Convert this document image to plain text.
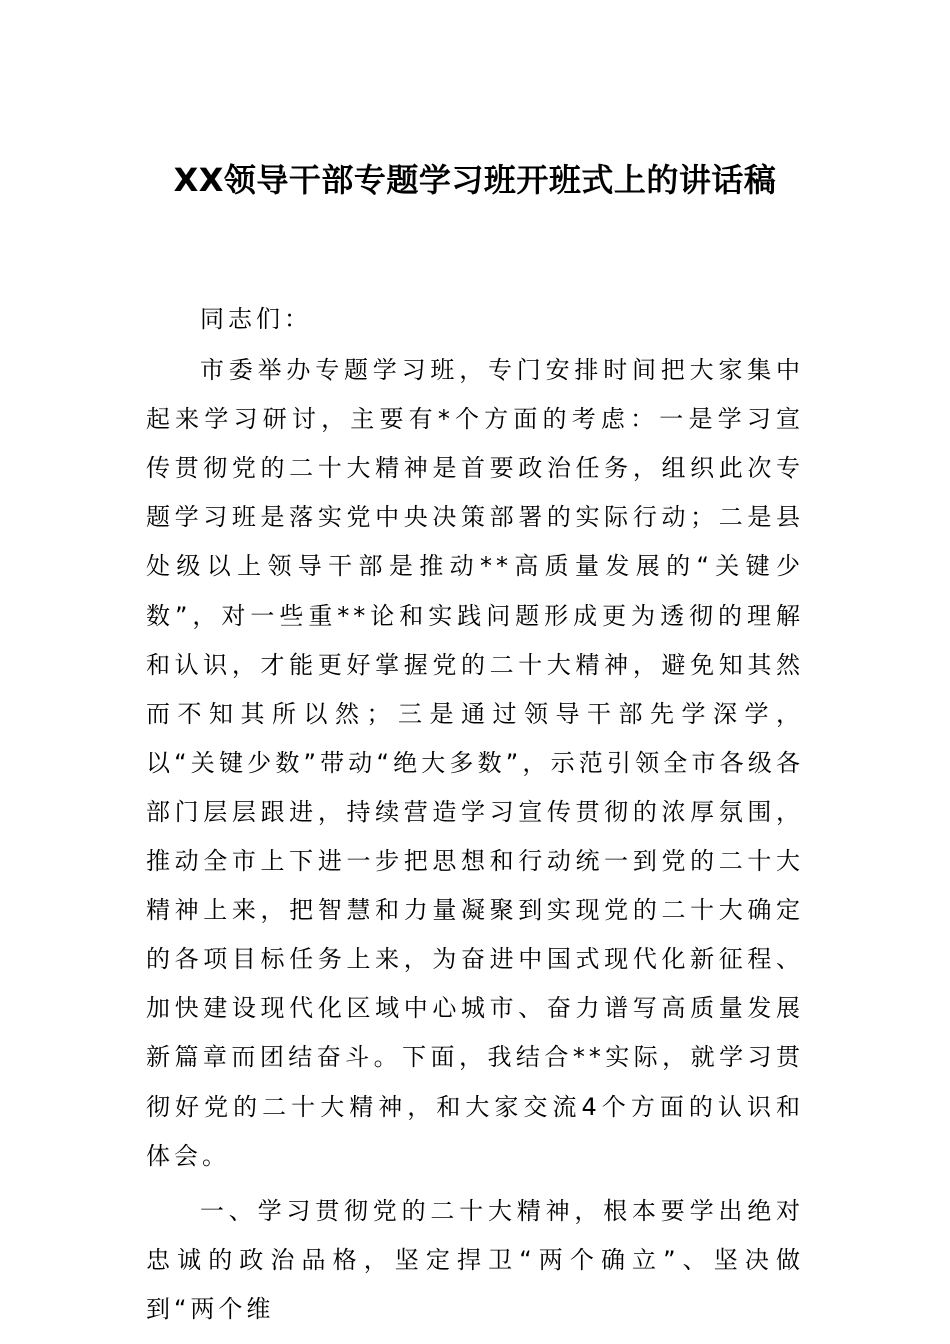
XX领导干部专题学习班开班式上的讲话稿

同志们：

市委举办专题学习班，专门安排时间把大家集中起来学习研讨，主要有*个方面的考虑：一是学习宣传贯彻党的二十大精神是首要政治任务，组织此次专题学习班是落实党中央决策部署的实际行动；二是县处级以上领导干部是推动**高质量发展的“关键少数”，对一些重**论和实践问题形成更为透彻的理解和认识，才能更好掌握党的二十大精神，避免知其然而不知其所以然；三是通过领导干部先学深学，以“关键少数”带动“绝大多数”，示范引领全市各级各部门层层跟进，持续营造学习宣传贯彻的浓厚氛围，推动全市上下进一步把思想和行动统一到党的二十大精神上来，把智慧和力量凝聚到实现党的二十大确定的各项目标任务上来，为奋进中国式现代化新征程、加快建设现代化区域中心城市、奋力谱写高质量发展新篇章而团结奋斗。下面，我结合**实际，就学习贯彻好党的二十大精神，和大家交流4个方面的认识和体会。

一、学习贯彻党的二十大精神，根本要学出绝对忠诚的政治品格，坚定捍卫“两个确立”、坚决做到“两个维
